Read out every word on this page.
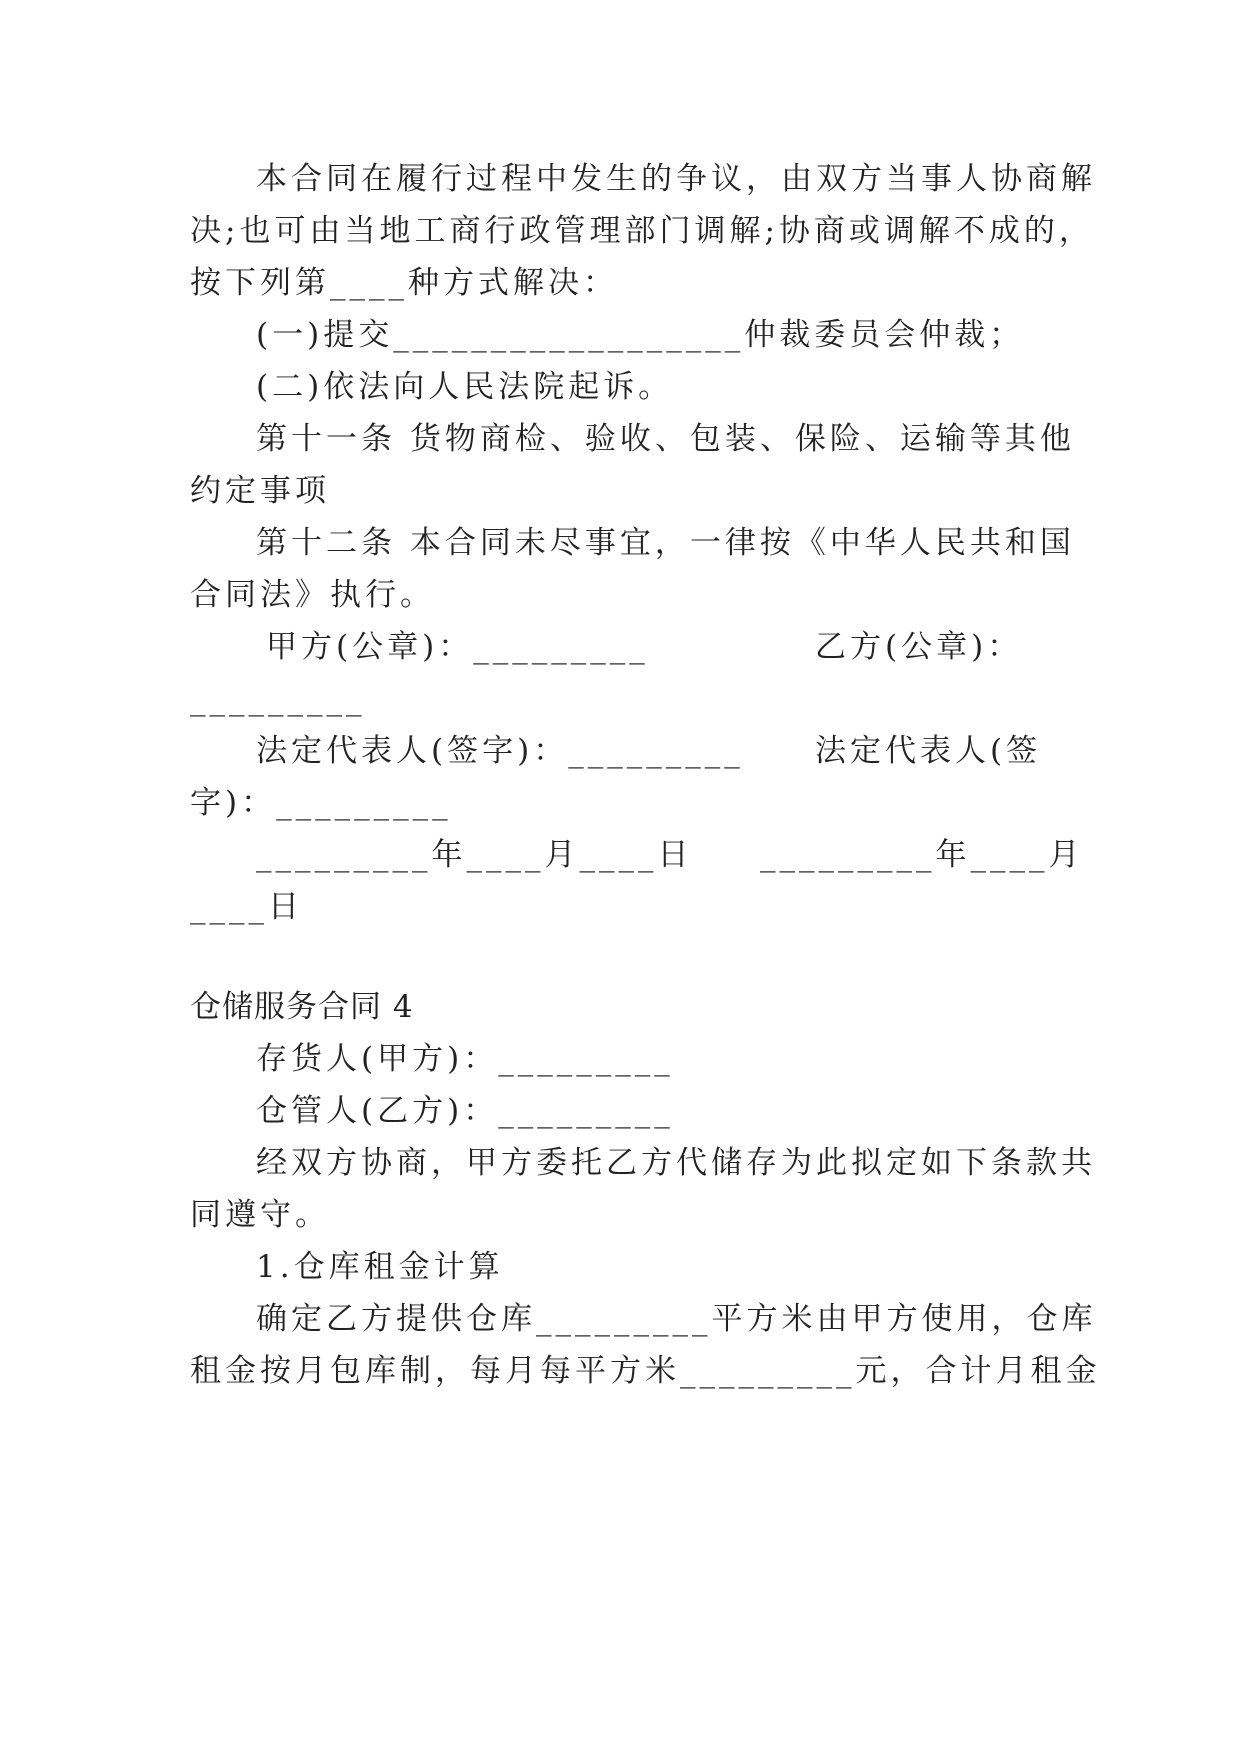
本合同在履行过程中发生的争议，由双方当事人协商解
决;也可由当地工商行政管理部门调解;协商或调解不成的，
按下列第____种方式解决：
(一)提交__________________仲裁委员会仲裁；
(二)依法向人民法院起诉。
第十一条 货物商检、验收、包装、保险、运输等其他
约定事项
第十二条 本合同未尽事宜，一律按《中华人民共和国
合同法》执行。
甲方(公章)：_________	乙方(公章)：
_________
法定代表人(签字)：_________ 法定代表人(签
字)：_________
_________年____月____日 _________年____月
____日
仓储服务合同 4
存货人(甲方)：_________
仓管人(乙方)：_________
经双方协商，甲方委托乙方代储存为此拟定如下条款共
同遵守。
1.仓库租金计算
确定乙方提供仓库_________平方米由甲方使用，仓库
租金按月包库制，每月每平方米_________元，合计月租金
